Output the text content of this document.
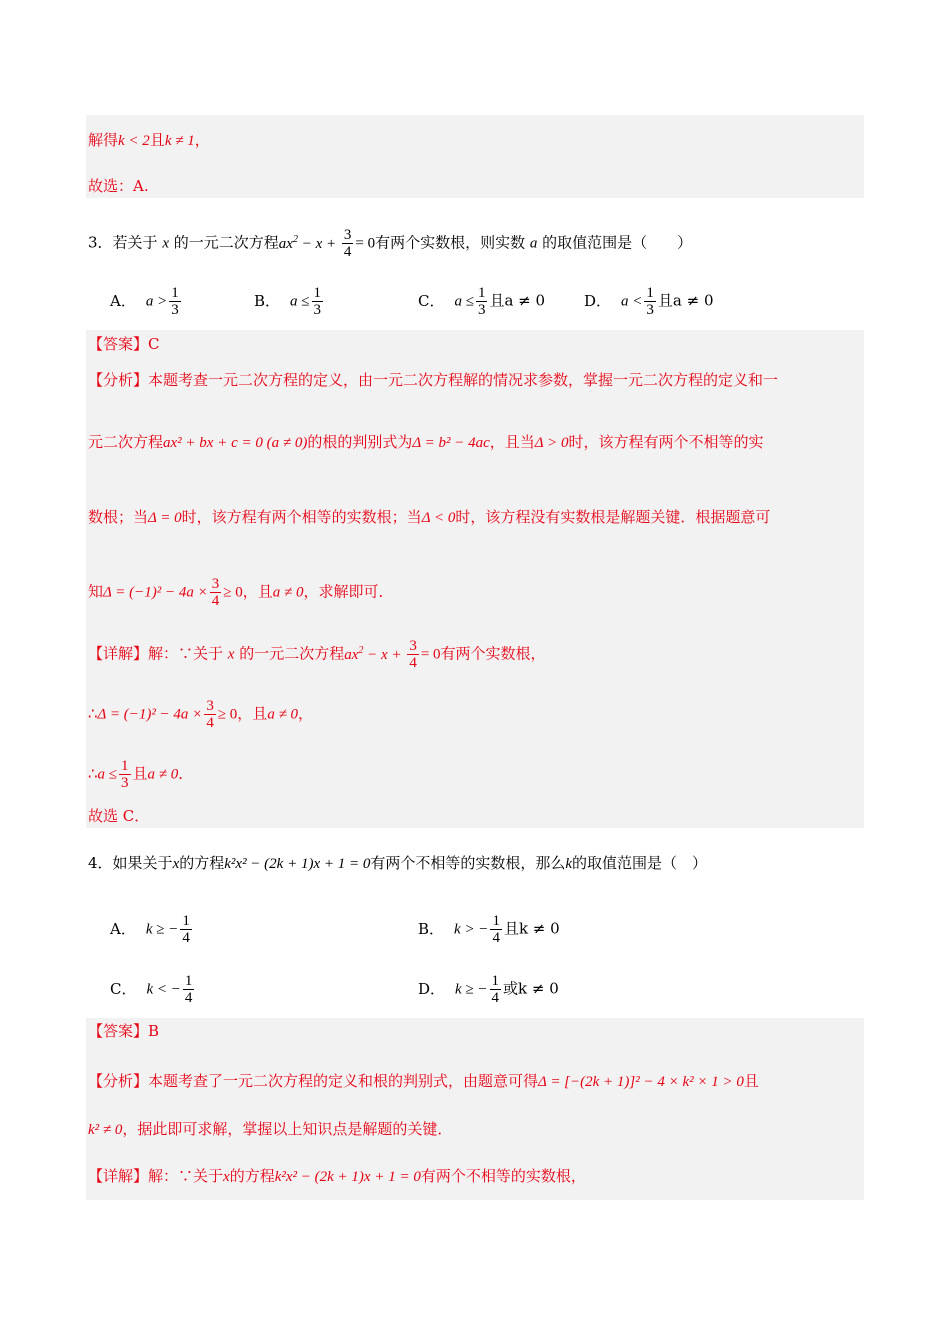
解得k < 2且k ≠ 1，
故选：A.
3．若关于 x 的一元二次方程$ax^2 - x + \frac{3}{4} = 0$有两个实数根，则实数 a 的取值范围是（　　）
A． $a > \frac{1}{3}$	B． $a \le \frac{1}{3}$	C． $a \le \frac{1}{3}$ 且a ≠ 0	D． $a < \frac{1}{3}$ 且a ≠ 0
【答案】C
【分析】本题考查一元二次方程的定义，由一元二次方程解的情况求参数，掌握一元二次方程的定义和一
元二次方程ax² + bx + c = 0 (a ≠ 0)的根的判别式为Δ = b² − 4ac，且当Δ > 0时，该方程有两个不相等的实
数根；当Δ = 0时，该方程有两个相等的实数根；当Δ < 0时，该方程没有实数根是解题关键．根据题意可
知$\Delta = (-1)^2 - 4a \times \frac{3}{4} \ge 0$，且a ≠ 0，求解即可．
【详解】解：∵关于 x 的一元二次方程$ax^2 - x + \frac{3}{4} = 0$有两个实数根，
∴Δ = $(-1)^2 - 4a \times \frac{3}{4} \ge 0$，且a ≠ 0，
∴a ≤ $\frac{1}{3}$ 且a ≠ 0．
故选 C．
4．如果关于x的方程k²x² − (2k + 1)x + 1 = 0有两个不相等的实数根，那么k的取值范围是（　）
A． k ≥ − $\frac{1}{4}$	B． k > − $\frac{1}{4}$ 且k ≠ 0
C． k < − $\frac{1}{4}$	D． k ≥ − $\frac{1}{4}$ 或k ≠ 0
【答案】B
【分析】本题考查了一元二次方程的定义和根的判别式，由题意可得Δ = [−(2k + 1)]² − 4 × k² × 1 > 0且
k² ≠ 0，据此即可求解，掌握以上知识点是解题的关键．
【详解】解：∵关于x的方程k²x² − (2k + 1)x + 1 = 0有两个不相等的实数根，
